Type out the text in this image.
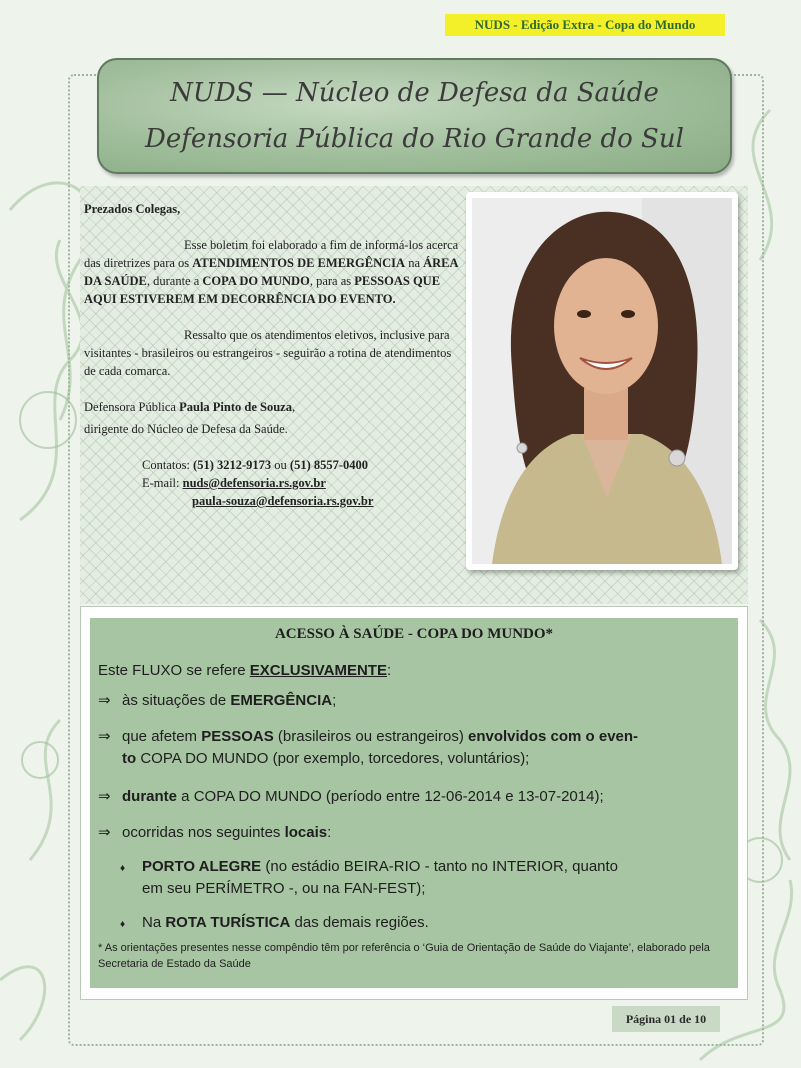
NUDS - Edição Extra - Copa do Mundo
NUDS — Núcleo de Defesa da Saúde
Defensoria Pública do Rio Grande do Sul

Prezados Colegas,

Esse boletim foi elaborado a fim de informá-los acerca das diretrizes para os ATENDIMENTOS DE EMERGÊNCIA na ÁREA DA SAÚDE, durante a COPA DO MUNDO, para as PESSOAS QUE AQUI ESTIVEREM EM DECORRÊNCIA DO EVENTO.

Ressalto que os atendimentos eletivos, inclusive para visitantes - brasileiros ou estrangeiros - seguirão a rotina de atendimentos de cada comarca.

Defensora Pública Paula Pinto de Souza,

dirigente do Núcleo de Defesa da Saúde.

Contatos: (51) 3212-9173 ou (51) 8557-0400

E-mail: nuds@defensoria.rs.gov.br

paula-souza@defensoria.rs.gov.br

ACESSO À SAÚDE - COPA DO MUNDO*
Este FLUXO se refere EXCLUSIVAMENTE:
⇒ às situações de EMERGÊNCIA;
⇒ que afetem PESSOAS (brasileiros ou estrangeiros) envolvidos com o even-
to COPA DO MUNDO (por exemplo, torcedores, voluntários);
⇒ durante a COPA DO MUNDO (período entre 12-06-2014 e 13-07-2014);
⇒ ocorridas nos seguintes locais:
♦ PORTO ALEGRE (no estádio BEIRA-RIO - tanto no INTERIOR, quanto
em seu PERÍMETRO -, ou na FAN-FEST);
♦ Na ROTA TURÍSTICA das demais regiões.
* As orientações presentes nesse compêndio têm por referência o ‘Guia de Orientação de Saúde do Viajante’, elaborado pela Secretaria de Estado da Saúde
Página 01 de 10
